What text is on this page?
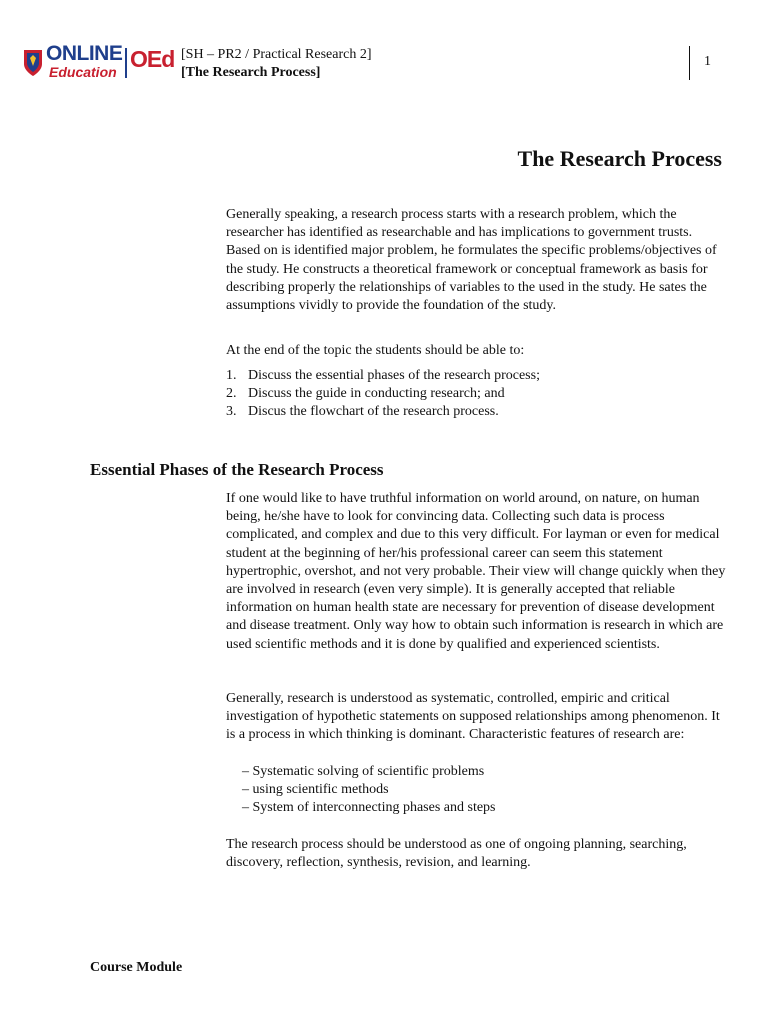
ONLINE
Education OEd [SH – PR2 / Practical Research 2]
[The Research Process]
1
The Research Process
Generally speaking, a research process starts with a research problem, which the researcher has identified as researchable and has implications to government trusts. Based on is identified major problem, he formulates the specific problems/objectives of the study. He constructs a theoretical framework or conceptual framework as basis for describing properly the relationships of variables to the used in the study. He sates the assumptions vividly to provide the foundation of the study.
At the end of the topic the students should be able to:
1. Discuss the essential phases of the research process;
2. Discuss the guide in conducting research; and
3. Discus the flowchart of the research process.
Essential Phases of the Research Process
If one would like to have truthful information on world around, on nature, on human being, he/she have to look for convincing data. Collecting such data is process complicated, and complex and due to this very difficult. For layman or even for medical student at the beginning of her/his professional career can seem this statement hypertrophic, overshot, and not very probable. Their view will change quickly when they are involved in research (even very simple). It is generally accepted that reliable information on human health state are necessary for prevention of disease development and disease treatment. Only way how to obtain such information is research in which are used scientific methods and it is done by qualified and experienced scientists.
Generally, research is understood as systematic, controlled, empiric and critical investigation of hypothetic statements on supposed relationships among phenomenon. It is a process in which thinking is dominant. Characteristic features of research are:
– Systematic solving of scientific problems
– using scientific methods
– System of interconnecting phases and steps
The research process should be understood as one of ongoing planning, searching, discovery, reflection, synthesis, revision, and learning.
Course Module
